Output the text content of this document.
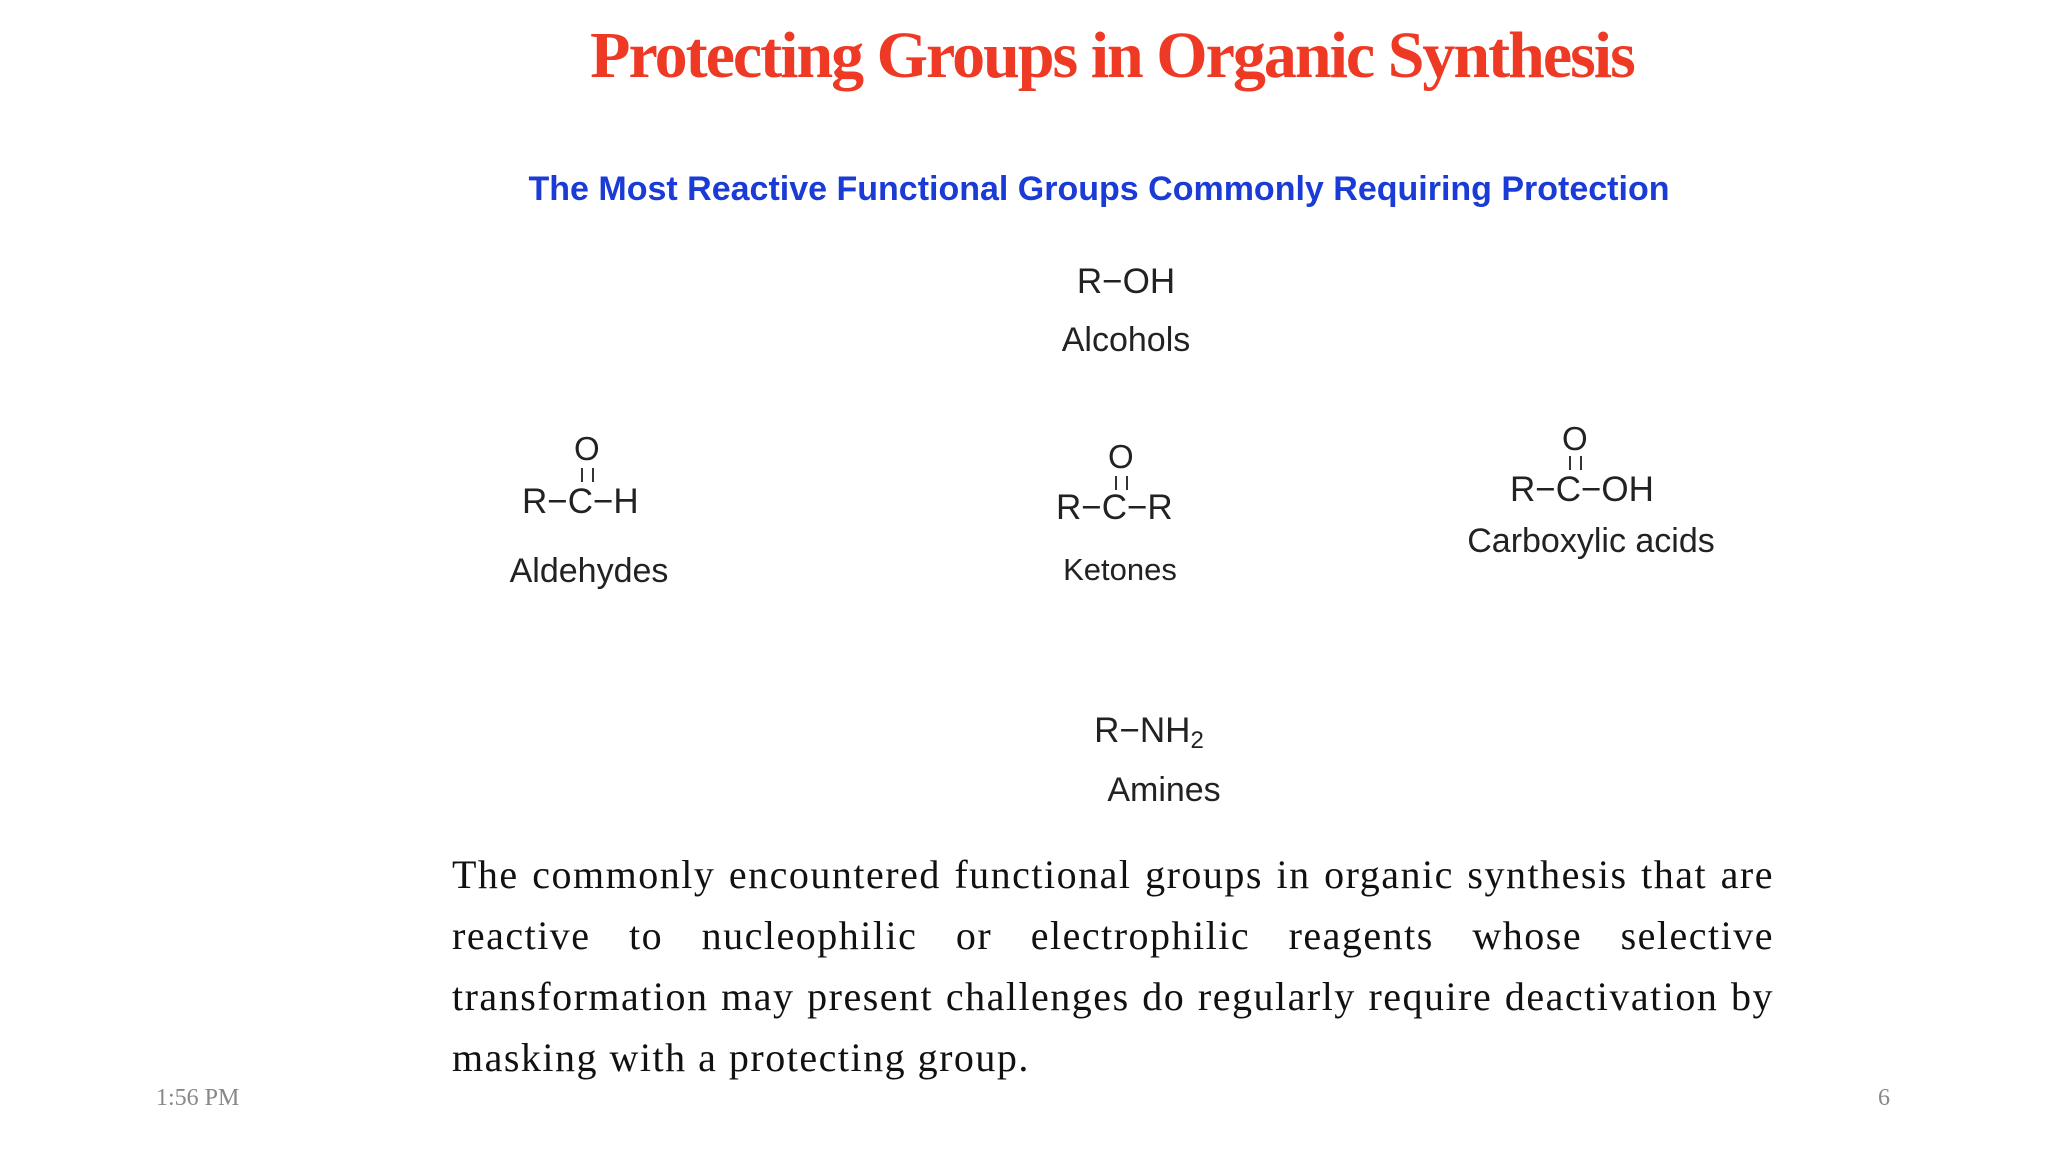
Protecting Groups in Organic Synthesis
The Most Reactive Functional Groups Commonly Requiring Protection
R−OH
Alcohols
O
R−C−H
Aldehydes
O
R−C−R
Ketones
O
R−C−OH
Carboxylic acids
$R-NH_2$
Amines
The commonly encountered functional groups in organic synthesis that are reactive to nucleophilic or electrophilic reagents whose selective transformation may present challenges do regularly require deactivation by masking with a protecting group.
1:56 PM	6
